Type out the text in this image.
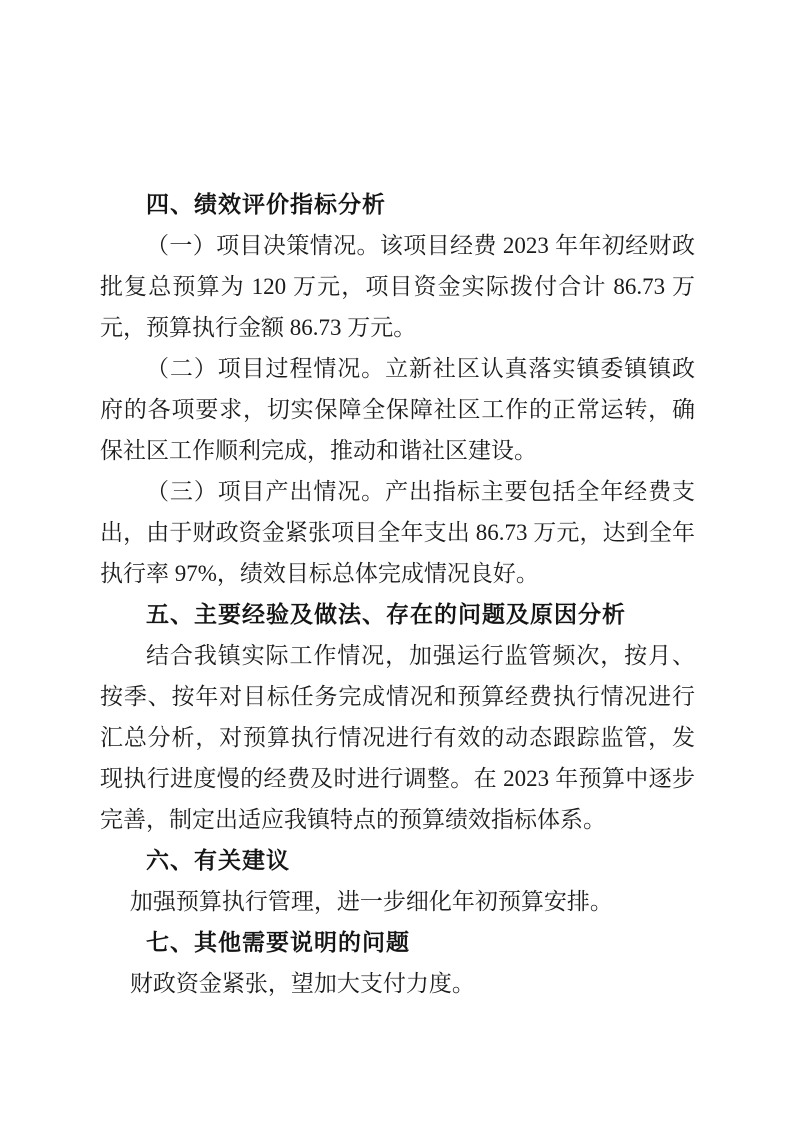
四、绩效评价指标分析

（一）项目决策情况。该项目经费 2023 年年初经财政批复总预算为 120 万元，项目资金实际拨付合计 86.73 万元，预算执行金额 86.73 万元。

（二）项目过程情况。立新社区认真落实镇委镇镇政府的各项要求，切实保障全保障社区工作的正常运转，确保社区工作顺利完成，推动和谐社区建设。

（三）项目产出情况。产出指标主要包括全年经费支出，由于财政资金紧张项目全年支出 86.73 万元，达到全年执行率 97%，绩效目标总体完成情况良好。

五、主要经验及做法、存在的问题及原因分析

结合我镇实际工作情况，加强运行监管频次，按月、按季、按年对目标任务完成情况和预算经费执行情况进行汇总分析，对预算执行情况进行有效的动态跟踪监管，发现执行进度慢的经费及时进行调整。在 2023 年预算中逐步完善，制定出适应我镇特点的预算绩效指标体系。

六、有关建议

加强预算执行管理，进一步细化年初预算安排。

七、其他需要说明的问题

财政资金紧张，望加大支付力度。
